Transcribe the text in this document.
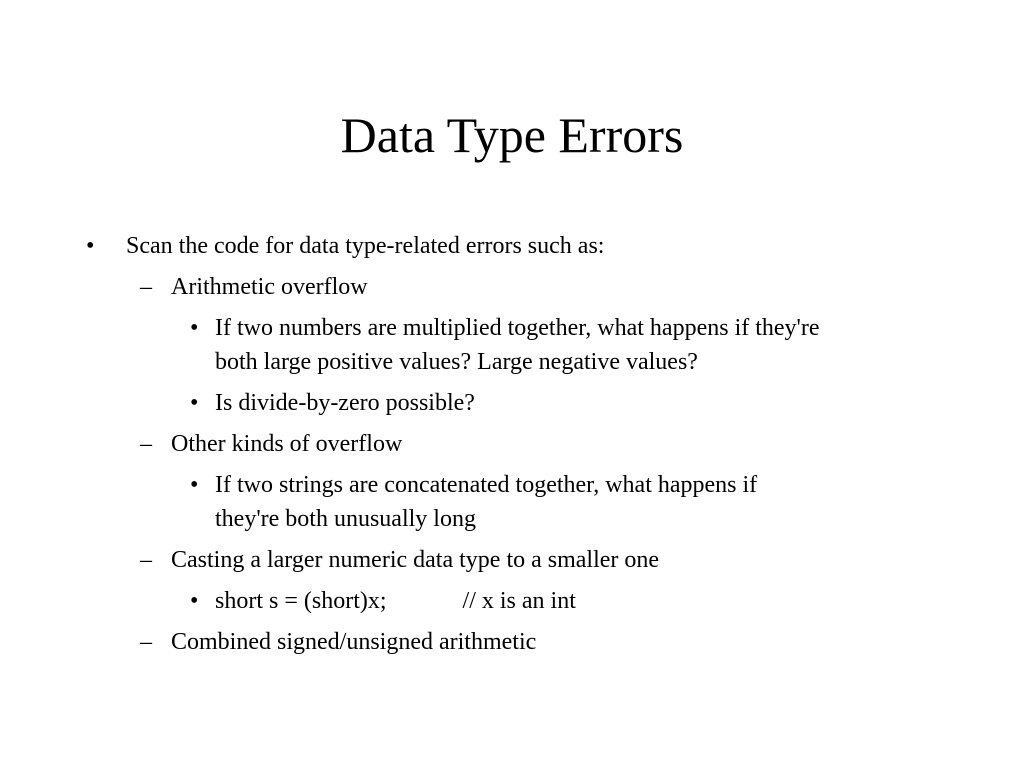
Data Type Errors
• Scan the code for data type-related errors such as:
– Arithmetic overflow
• If two numbers are multiplied together, what happens if they're
both large positive values? Large negative values?
• Is divide-by-zero possible?
– Other kinds of overflow
• If two strings are concatenated together, what happens if
they're both unusually long
– Casting a larger numeric data type to a smaller one
• short s = (short)x;	// x is an int
– Combined signed/unsigned arithmetic
